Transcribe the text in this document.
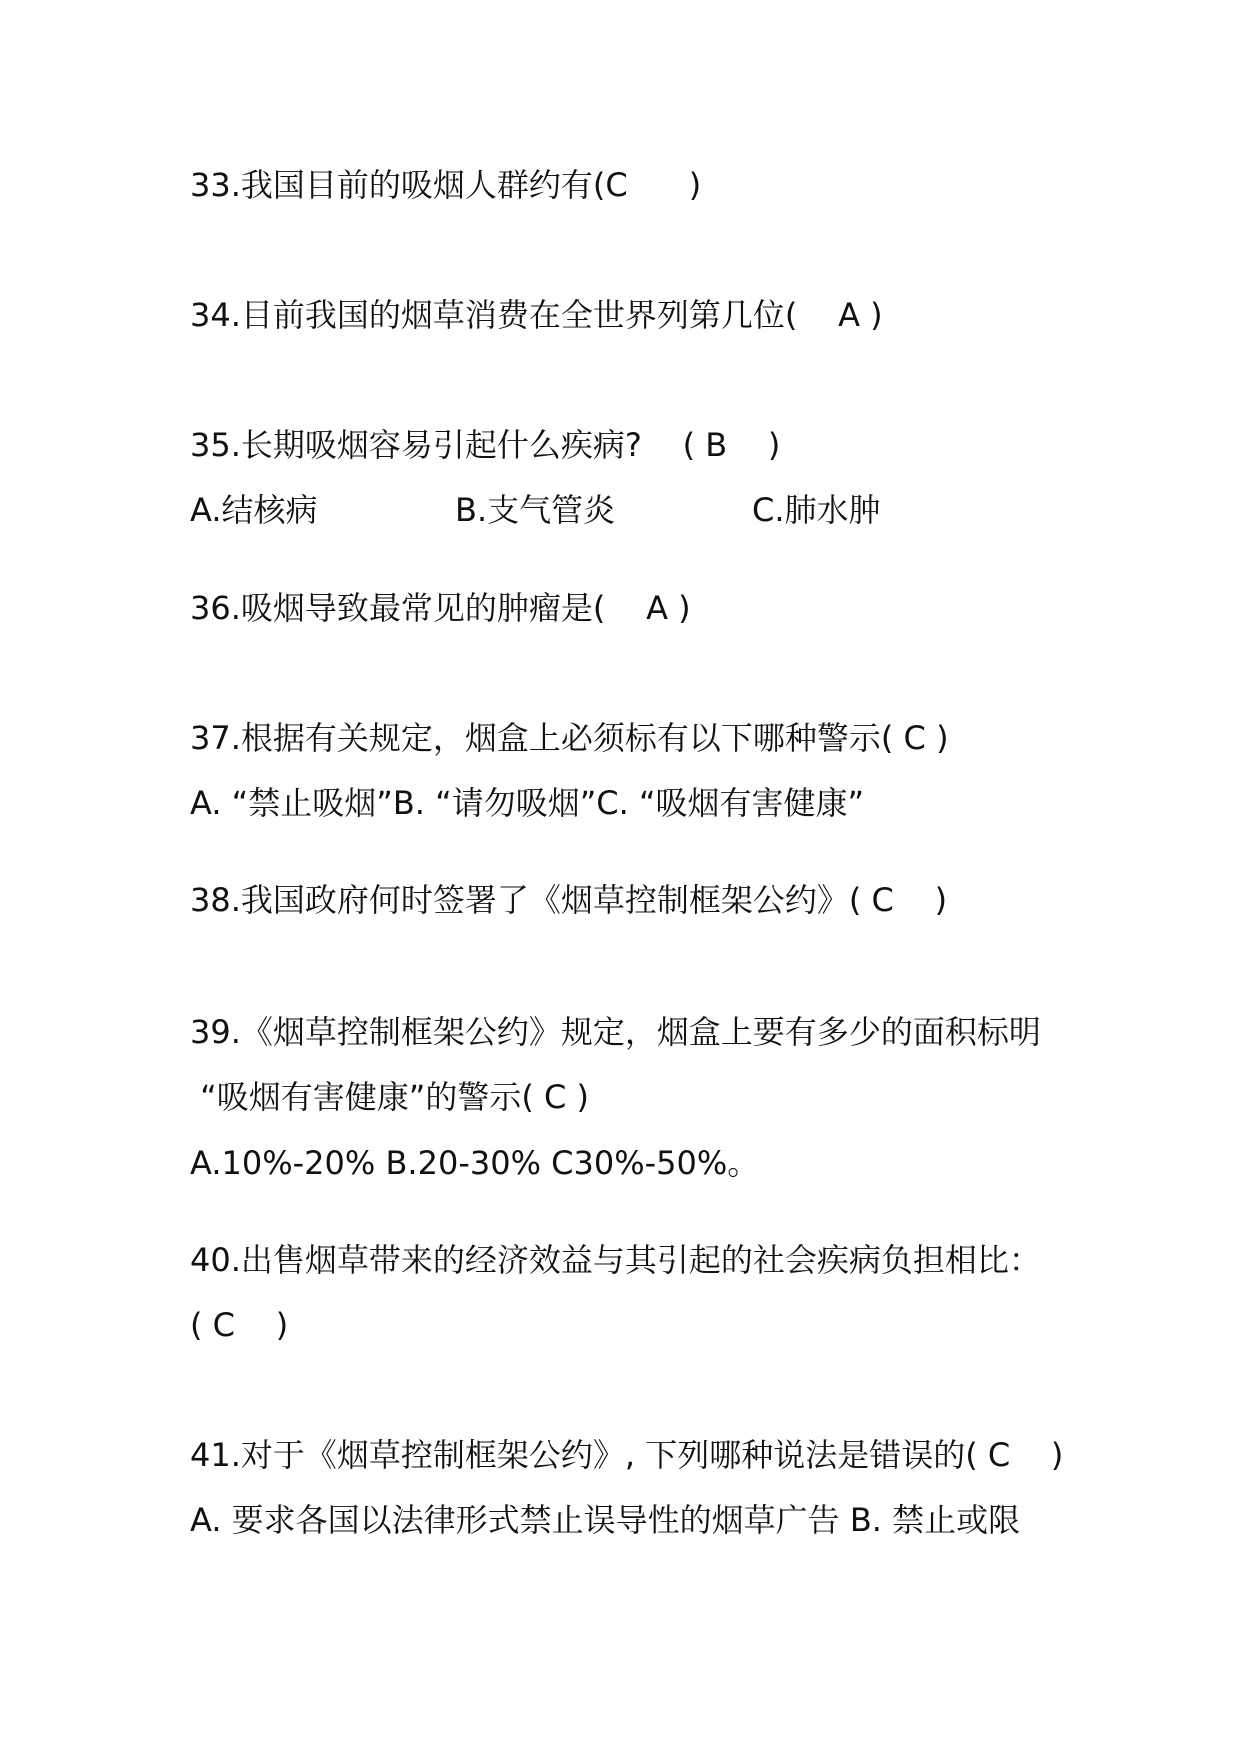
33.我国目前的吸烟人群约有(C      )
34.目前我国的烟草消费在全世界列第几位(    A )
35.长期吸烟容易引起什么疾病?    ( B    )
A.结核病	B.支气管炎	C.肺水肿
36.吸烟导致最常见的肿瘤是(    A )
37.根据有关规定，烟盒上必须标有以下哪种警示( C )
A. “禁止吸烟”B. “请勿吸烟”C. “吸烟有害健康”
38.我国政府何时签署了《烟草控制框架公约》( C    )
39.《烟草控制框架公约》规定，烟盒上要有多少的面积标明
“吸烟有害健康”的警示( C )
A.10%-20% B.20-30% C30%-50%。
40.出售烟草带来的经济效益与其引起的社会疾病负担相比：
( C    )
41.对于《烟草控制框架公约》, 下列哪种说法是错误的( C    )
A. 要求各国以法律形式禁止误导性的烟草广告 B. 禁止或限
